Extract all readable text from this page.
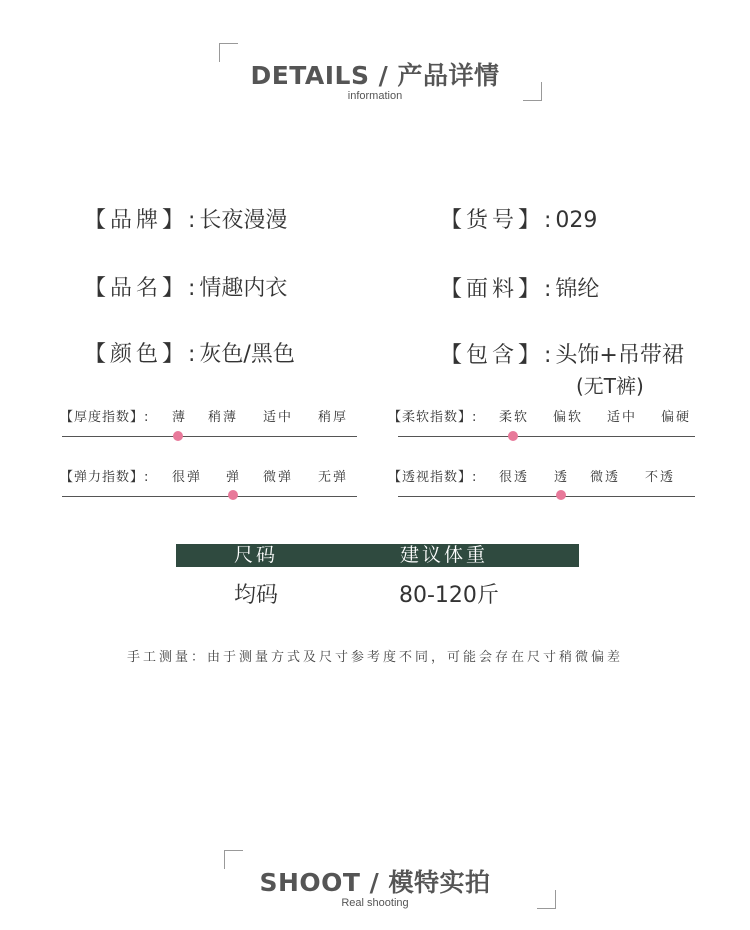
DETAILS / 产品详情
information
【品牌】:长夜漫漫	【货号】:029
【品名】:情趣内衣	【面料】:锦纶
【颜色】:灰色/黑色	【包含】:头饰+吊带裙
(无T裤)
【厚度指数】: 薄 稍薄 适中 稍厚	【柔软指数】: 柔软 偏软 适中 偏硬
【弹力指数】: 很弹 弹 微弹 无弹	【透视指数】: 很透 透 微透 不透
尺码	建议体重
均码	80-120斤
手工测量：由于测量方式及尺寸参考度不同，可能会存在尺寸稍微偏差
SHOOT / 模特实拍
Real shooting
